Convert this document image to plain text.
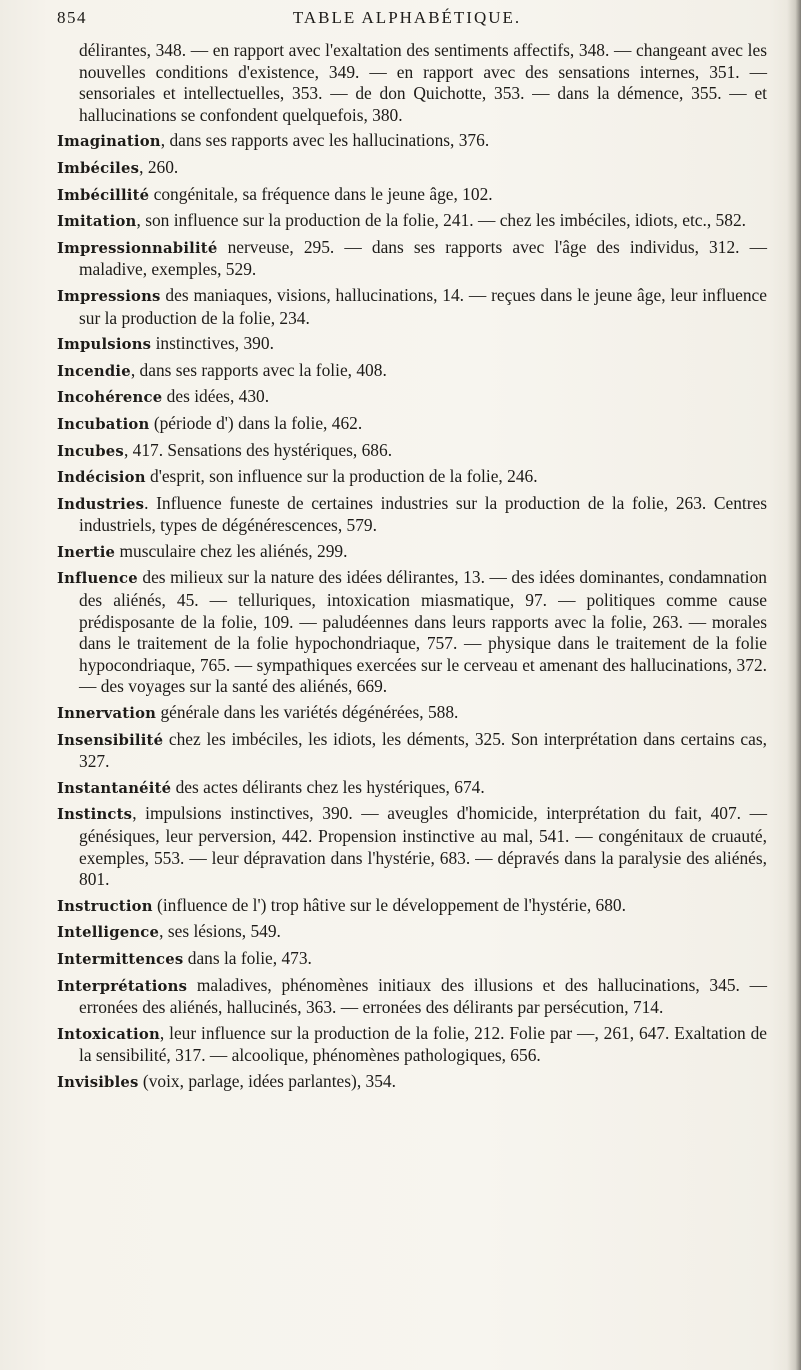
854	TABLE ALPHABÉTIQUE.

délirantes, 348. — en rapport avec l'exaltation des sentiments affectifs, 348. — changeant avec les nouvelles conditions d'existence, 349. — en rapport avec des sensations internes, 351. — sensoriales et intellectuelles, 353. — de don Quichotte, 353. — dans la démence, 355. — et hallucinations se confondent quelquefois, 380.

Imagination, dans ses rapports avec les hallucinations, 376.

Imbéciles, 260.

Imbécillité congénitale, sa fréquence dans le jeune âge, 102.

Imitation, son influence sur la production de la folie, 241. — chez les imbéciles, idiots, etc., 582.

Impressionnabilité nerveuse, 295. — dans ses rapports avec l'âge des individus, 312. — maladive, exemples, 529.

Impressions des maniaques, visions, hallucinations, 14. — reçues dans le jeune âge, leur influence sur la production de la folie, 234.

Impulsions instinctives, 390.

Incendie, dans ses rapports avec la folie, 408.

Incohérence des idées, 430.

Incubation (période d') dans la folie, 462.

Incubes, 417. Sensations des hystériques, 686.

Indécision d'esprit, son influence sur la production de la folie, 246.

Industries. Influence funeste de certaines industries sur la production de la folie, 263. Centres industriels, types de dégénérescences, 579.

Inertie musculaire chez les aliénés, 299.

Influence des milieux sur la nature des idées délirantes, 13. — des idées dominantes, condamnation des aliénés, 45. — telluriques, intoxication miasmatique, 97. — politiques comme cause prédisposante de la folie, 109. — paludéennes dans leurs rapports avec la folie, 263. — morales dans le traitement de la folie hypochondriaque, 757. — physique dans le traitement de la folie hypocondriaque, 765. — sympathiques exercées sur le cerveau et amenant des hallucinations, 372. — des voyages sur la santé des aliénés, 669.

Innervation générale dans les variétés dégénérées, 588.

Insensibilité chez les imbéciles, les idiots, les déments, 325. Son interprétation dans certains cas, 327.

Instantanéité des actes délirants chez les hystériques, 674.

Instincts, impulsions instinctives, 390. — aveugles d'homicide, interprétation du fait, 407. — génésiques, leur perversion, 442. Propension instinctive au mal, 541. — congénitaux de cruauté, exemples, 553. — leur dépravation dans l'hystérie, 683. — dépravés dans la paralysie des aliénés, 801.

Instruction (influence de l') trop hâtive sur le développement de l'hystérie, 680.

Intelligence, ses lésions, 549.

Intermittences dans la folie, 473.

Interprétations maladives, phénomènes initiaux des illusions et des hallucinations, 345. — erronées des aliénés, hallucinés, 363. — erronées des délirants par persécution, 714.

Intoxication, leur influence sur la production de la folie, 212. Folie par —, 261, 647. Exaltation de la sensibilité, 317. — alcoolique, phénomènes pathologiques, 656.

Invisibles (voix, parlage, idées parlantes), 354.
